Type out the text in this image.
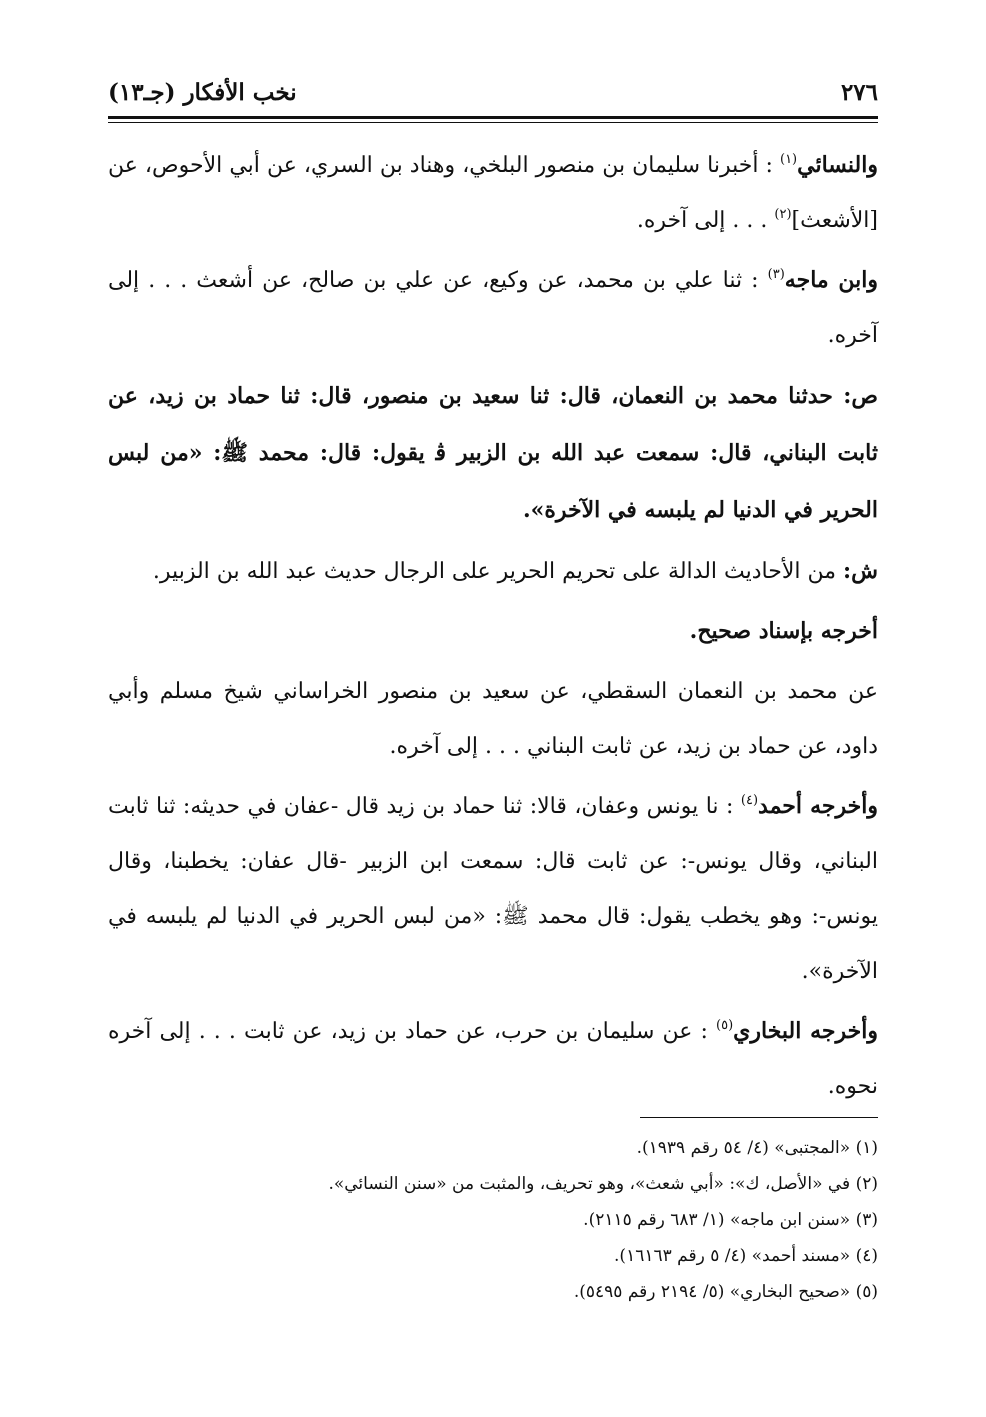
٢٧٦
نخب الأفكار (جـ١٣)

والنسائي$^{(١)}$ : أخبرنا سليمان بن منصور البلخي، وهناد بن السري، عن أبي الأحوص، عن [الأشعث]$^{(٢)}$ . . . إلى آخره.

وابن ماجه$^{(٣)}$ : ثنا علي بن محمد، عن وكيع، عن علي بن صالح، عن أشعث . . . إلى آخره.

ص: حدثنا محمد بن النعمان، قال: ثنا سعيد بن منصور، قال: ثنا حماد بن زيد، عن ثابت البناني، قال: سمعت عبد الله بن الزبير ﭬ يقول: قال: محمد ﷺ: «من لبس الحرير في الدنيا لم يلبسه في الآخرة».

ش: من الأحاديث الدالة على تحريم الحرير على الرجال حديث عبد الله بن الزبير.

أخرجه بإسناد صحيح.

عن محمد بن النعمان السقطي، عن سعيد بن منصور الخراساني شيخ مسلم وأبي داود، عن حماد بن زيد، عن ثابت البناني . . . إلى آخره.

وأخرجه أحمد$^{(٤)}$ : نا يونس وعفان، قالا: ثنا حماد بن زيد قال -عفان في حديثه: ثنا ثابت البناني، وقال يونس-: عن ثابت قال: سمعت ابن الزبير -قال عفان: يخطبنا، وقال يونس-: وهو يخطب يقول: قال محمد ﷺ: «من لبس الحرير في الدنيا لم يلبسه في الآخرة».

وأخرجه البخاري$^{(٥)}$ : عن سليمان بن حرب، عن حماد بن زيد، عن ثابت . . . إلى آخره نحوه.

(١) «المجتبى» (٤/ ٥٤ رقم ١٩٣٩).

(٢) في «الأصل، ك»: «أبي شعث»، وهو تحريف، والمثبت من «سنن النسائي».

(٣) «سنن ابن ماجه» (١/ ٦٨٣ رقم ٢١١٥).

(٤) «مسند أحمد» (٤/ ٥ رقم ١٦١٦٣).

(٥) «صحيح البخاري» (٥/ ٢١٩٤ رقم ٥٤٩٥).
